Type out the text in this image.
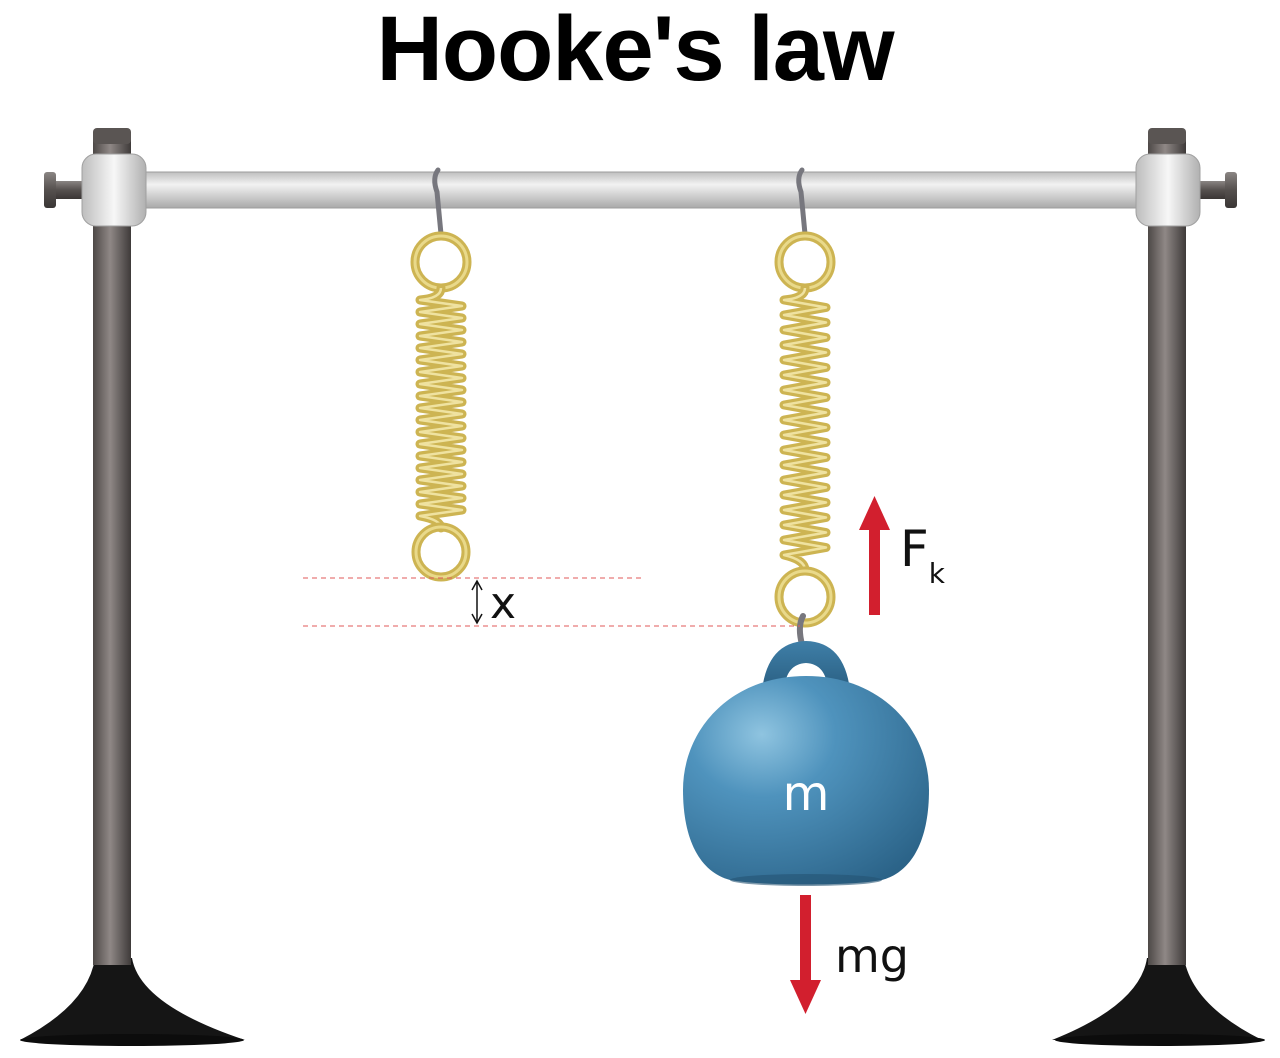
Hooke's law
m
x
$F_k$
mg
